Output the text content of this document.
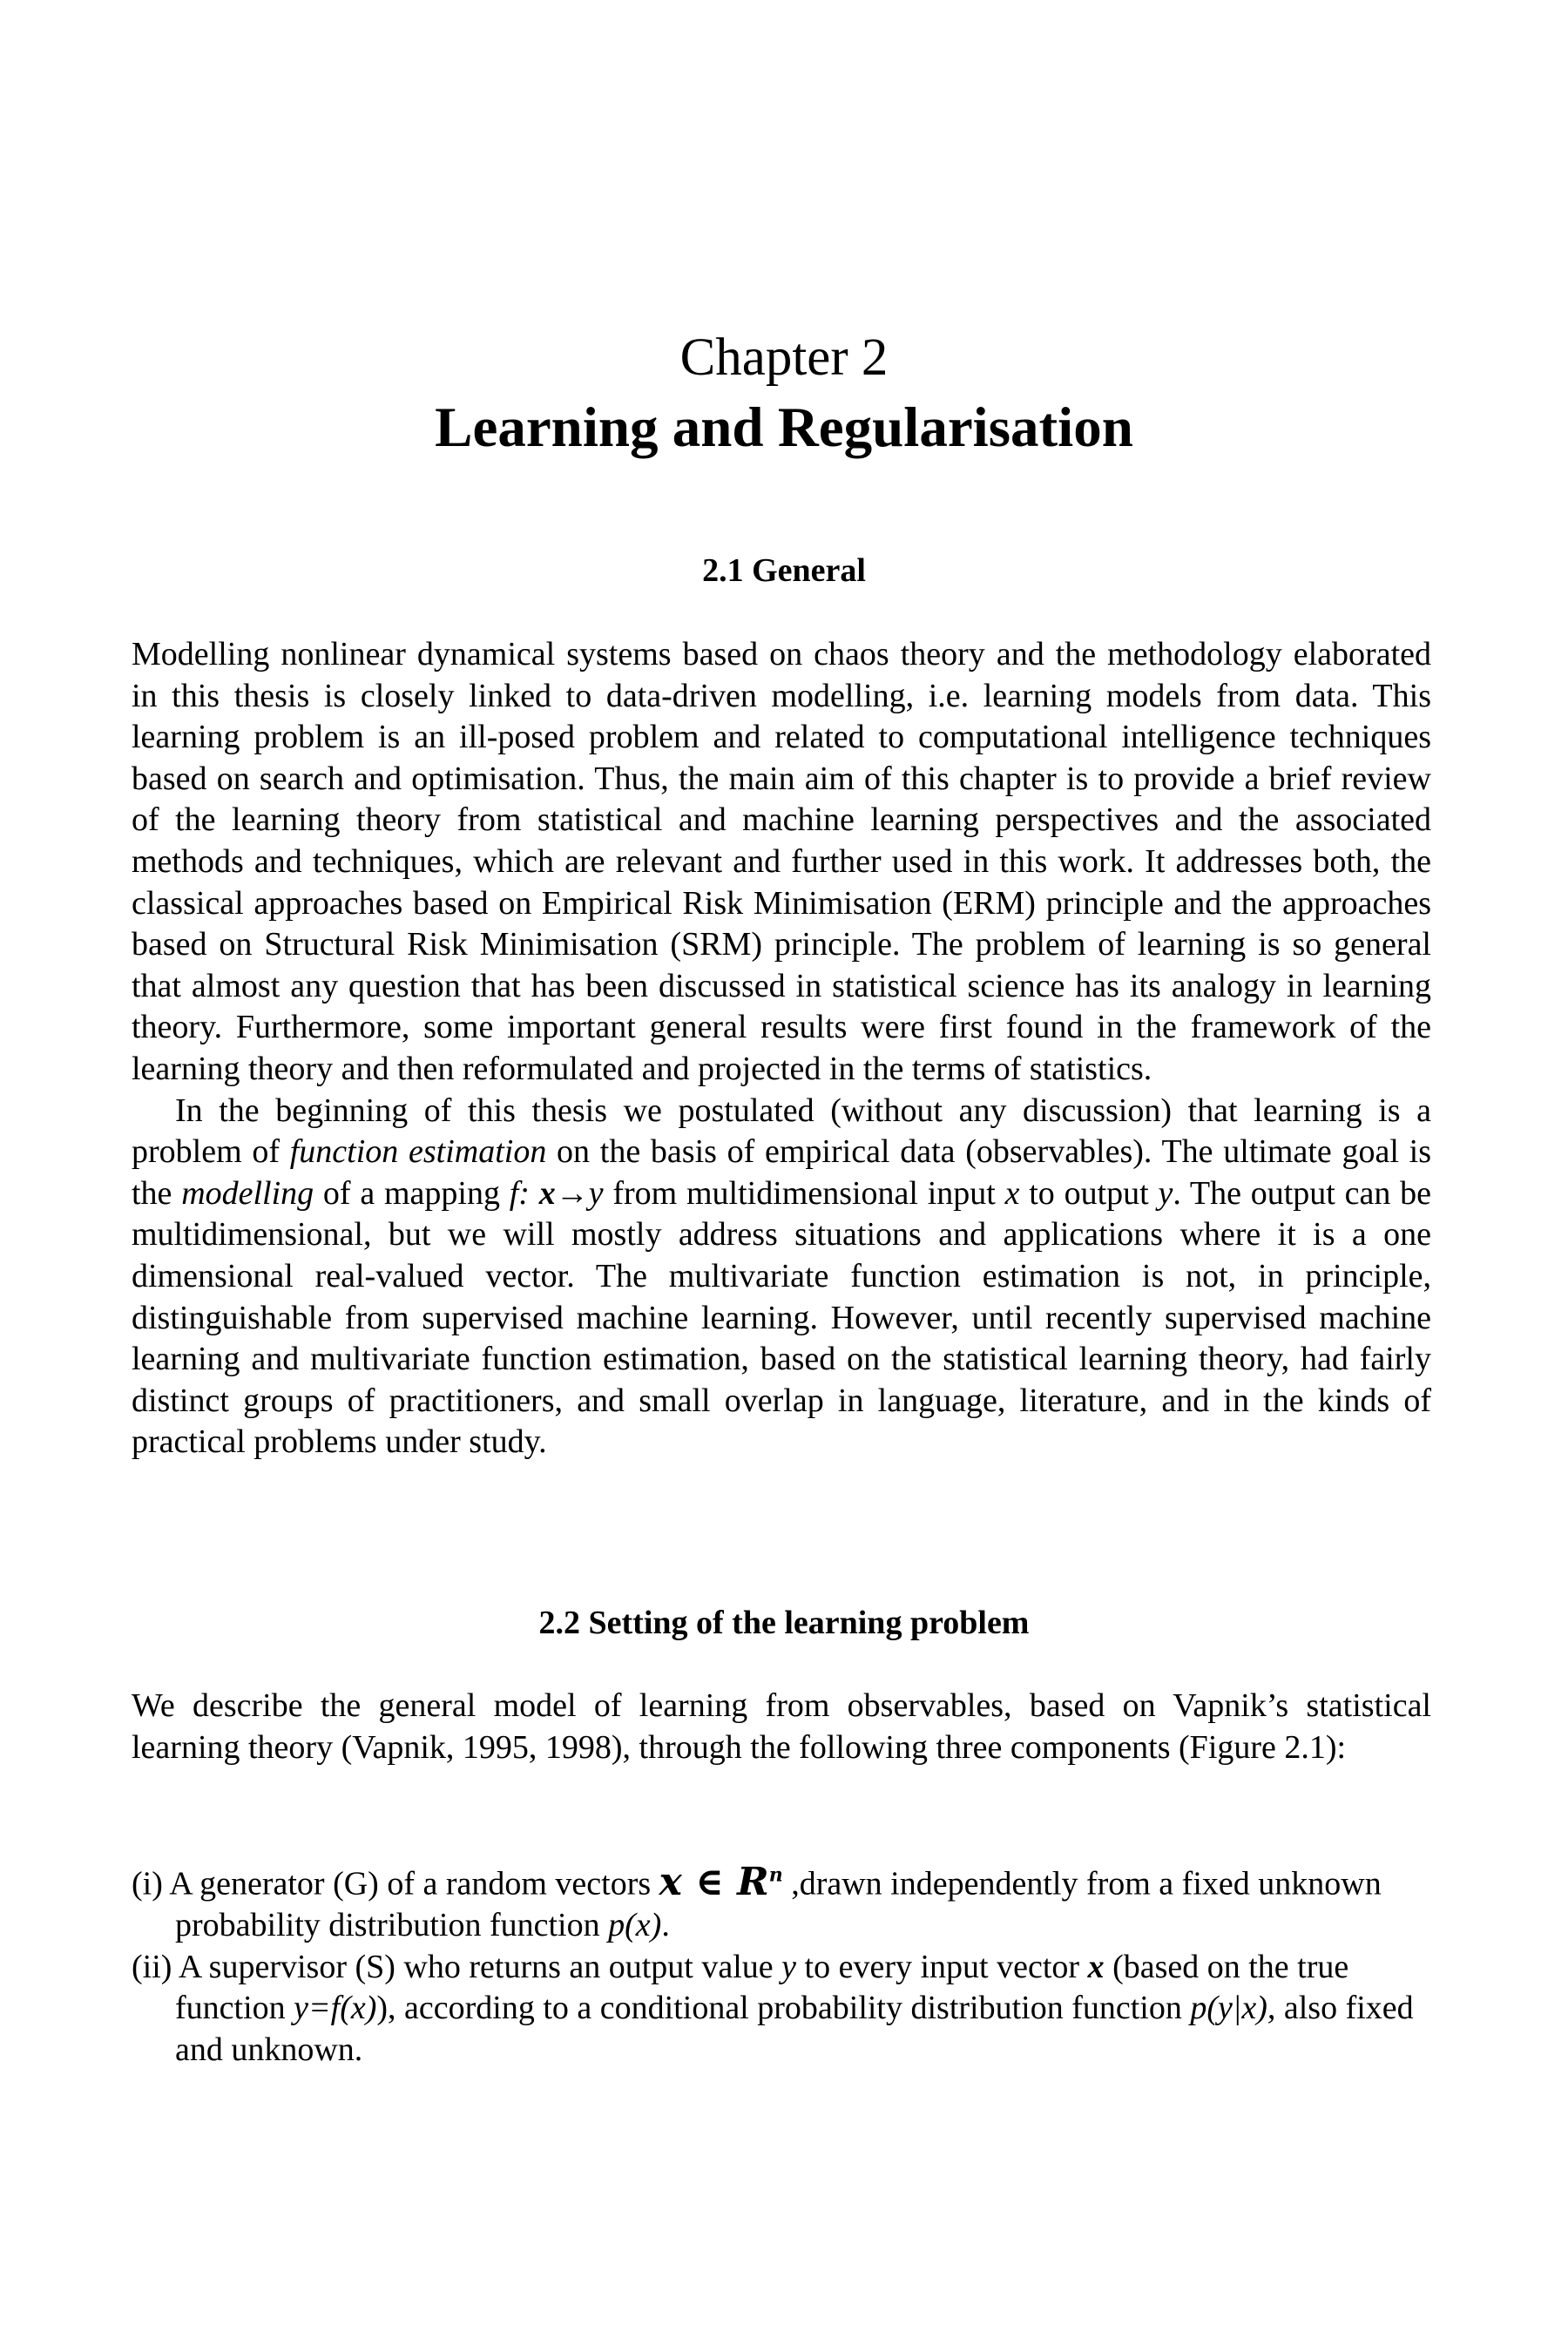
Chapter 2
Learning and Regularisation
2.1 General

Modelling nonlinear dynamical systems based on chaos theory and the methodology elaborated in this thesis is closely linked to data-driven modelling, i.e. learning models from data. This learning problem is an ill-posed problem and related to computational intelligence techniques based on search and optimisation. Thus, the main aim of this chapter is to provide a brief review of the learning theory from statistical and machine learning perspectives and the associated methods and techniques, which are relevant and further used in this work. It addresses both, the classical approaches based on Empirical Risk Minimisation (ERM) principle and the approaches based on Structural Risk Minimisation (SRM) principle. The problem of learning is so general that almost any question that has been discussed in statistical science has its analogy in learning theory. Furthermore, some important general results were first found in the framework of the learning theory and then reformulated and projected in the terms of statistics.

In the beginning of this thesis we postulated (without any discussion) that learning is a problem of function estimation on the basis of empirical data (observables). The ultimate goal is the modelling of a mapping f: x→y from multidimensional input x to output y. The output can be multidimensional, but we will mostly address situations and applications where it is a one dimensional real-valued vector. The multivariate function estimation is not, in principle, distinguishable from supervised machine learning. However, until recently supervised machine learning and multivariate function estimation, based on the statistical learning theory, had fairly distinct groups of practitioners, and small overlap in language, literature, and in the kinds of practical problems under study.

2.2 Setting of the learning problem
We describe the general model of learning from observables, based on Vapnik’s statistical learning theory (Vapnik, 1995, 1998), through the following three components (Figure 2.1):

(i) A generator (G) of a random vectors x ∈ $R^n$ ,drawn independently from a fixed unknown probability distribution function p(x).

(ii) A supervisor (S) who returns an output value y to every input vector x (based on the true function y=f(x)), according to a conditional probability distribution function p(y|x), also fixed and unknown.
